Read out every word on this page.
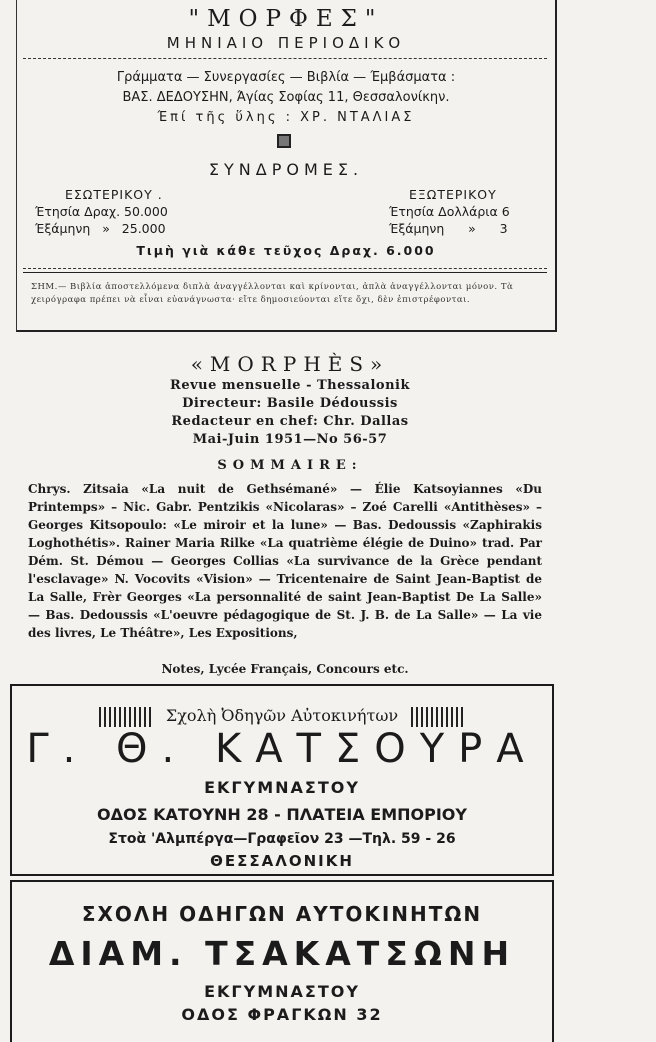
"ΜΟΡΦΕΣ"
ΜΗΝΙΑΙΟ ΠΕΡΙΟΔΙΚΟ
Γράμματα — Συνεργασίες — Βιβλία — Έμβάσματα :
ΒΑΣ. ΔΕΔΟΥΣΗΝ, Άγίας Σοφίας 11, Θεσσαλονίκην.
Έπί τῆς ὕλης : ΧΡ. ΝΤΑΛΙΑΣ
ΣΥΝΔΡΟΜΕΣ.
ΕΣΩΤΕΡΙΚΟΥ .
Έτησία Δραχ. 50.000
Έξάμηνη   »   25.000
ΕΞΩΤΕΡΙΚΟΥ
Έτησία Δολλάρια 6
Έξάμηνη      »      3
Τιμὴ γιὰ κάθε τεῦχος Δραχ. 6.000
ΣΗΜ.— Βιβλία ἀποστελλόμενα διπλὰ ἀναγγέλλονται καὶ κρίνονται, ἁπλὰ ἀναγγέλλονται μόνον. Τὰ χειρόγραφα πρέπει νὰ εἶναι εὐανάγνωστα· εἴτε δημοσιεύονται εἴτε ὄχι, δὲν ἐπιστρέφονται.
«MORPHÈS»
Revue mensuelle - Thessalonik
Directeur: Basile Dédoussis
Redacteur en chef: Chr. Dallas
Mai-Juin 1951—No 56-57
SOMMAIRE:
Chrys. Zitsaia «La nuit de Gethsémané» — Élie Katsoyiannes «Du Printemps» – Nic. Gabr. Pentzikis «Nicolaras» – Zoé Carelli «Antithèses» – Georges Kitsopoulo: «Le miroir et la lune» — Bas. Dedoussis «Zaphirakis Loghothétis». Rainer Maria Rilke «La quatrième élégie de Duino» trad. Par Dém. St. Démou — Georges Collias «La survivance de la Grèce pendant l'esclavage» N. Vocovits «Vision» — Tricentenaire de Saint Jean-Baptist de La Salle, Frèr Georges «La personnalité de saint Jean-Baptist De La Salle» — Bas. Dedoussis «L'oeuvre pédagogique de St. J. B. de La Salle» — La vie des livres, Le Théâtre», Les Expositions,
Notes, Lycée Français, Concours etc.
Σχολὴ Ὀδηγῶν Αὐτοκινήτων
Γ. Θ. ΚΑΤΣΟΥΡΑ
ΕΚΓΥΜΝΑΣΤΟΥ
ΟΔΟΣ ΚΑΤΟΥΝΗ 28 - ΠΛΑΤΕΙΑ ΕΜΠΟΡΙΟΥ
Στοὰ 'Αλμπέργα—Γραφεῖον 23 —Τηλ. 59 - 26
ΘΕΣΣΑΛΟΝΙΚΗ
ΣΧΟΛΗ ΟΔΗΓΩΝ ΑΥΤΟΚΙΝΗΤΩΝ
ΔΙΑΜ. ΤΣΑΚΑΤΣΩΝΗ
ΕΚΓΥΜΝΑΣΤΟΥ
ΟΔΟΣ ΦΡΑΓΚΩΝ 32
